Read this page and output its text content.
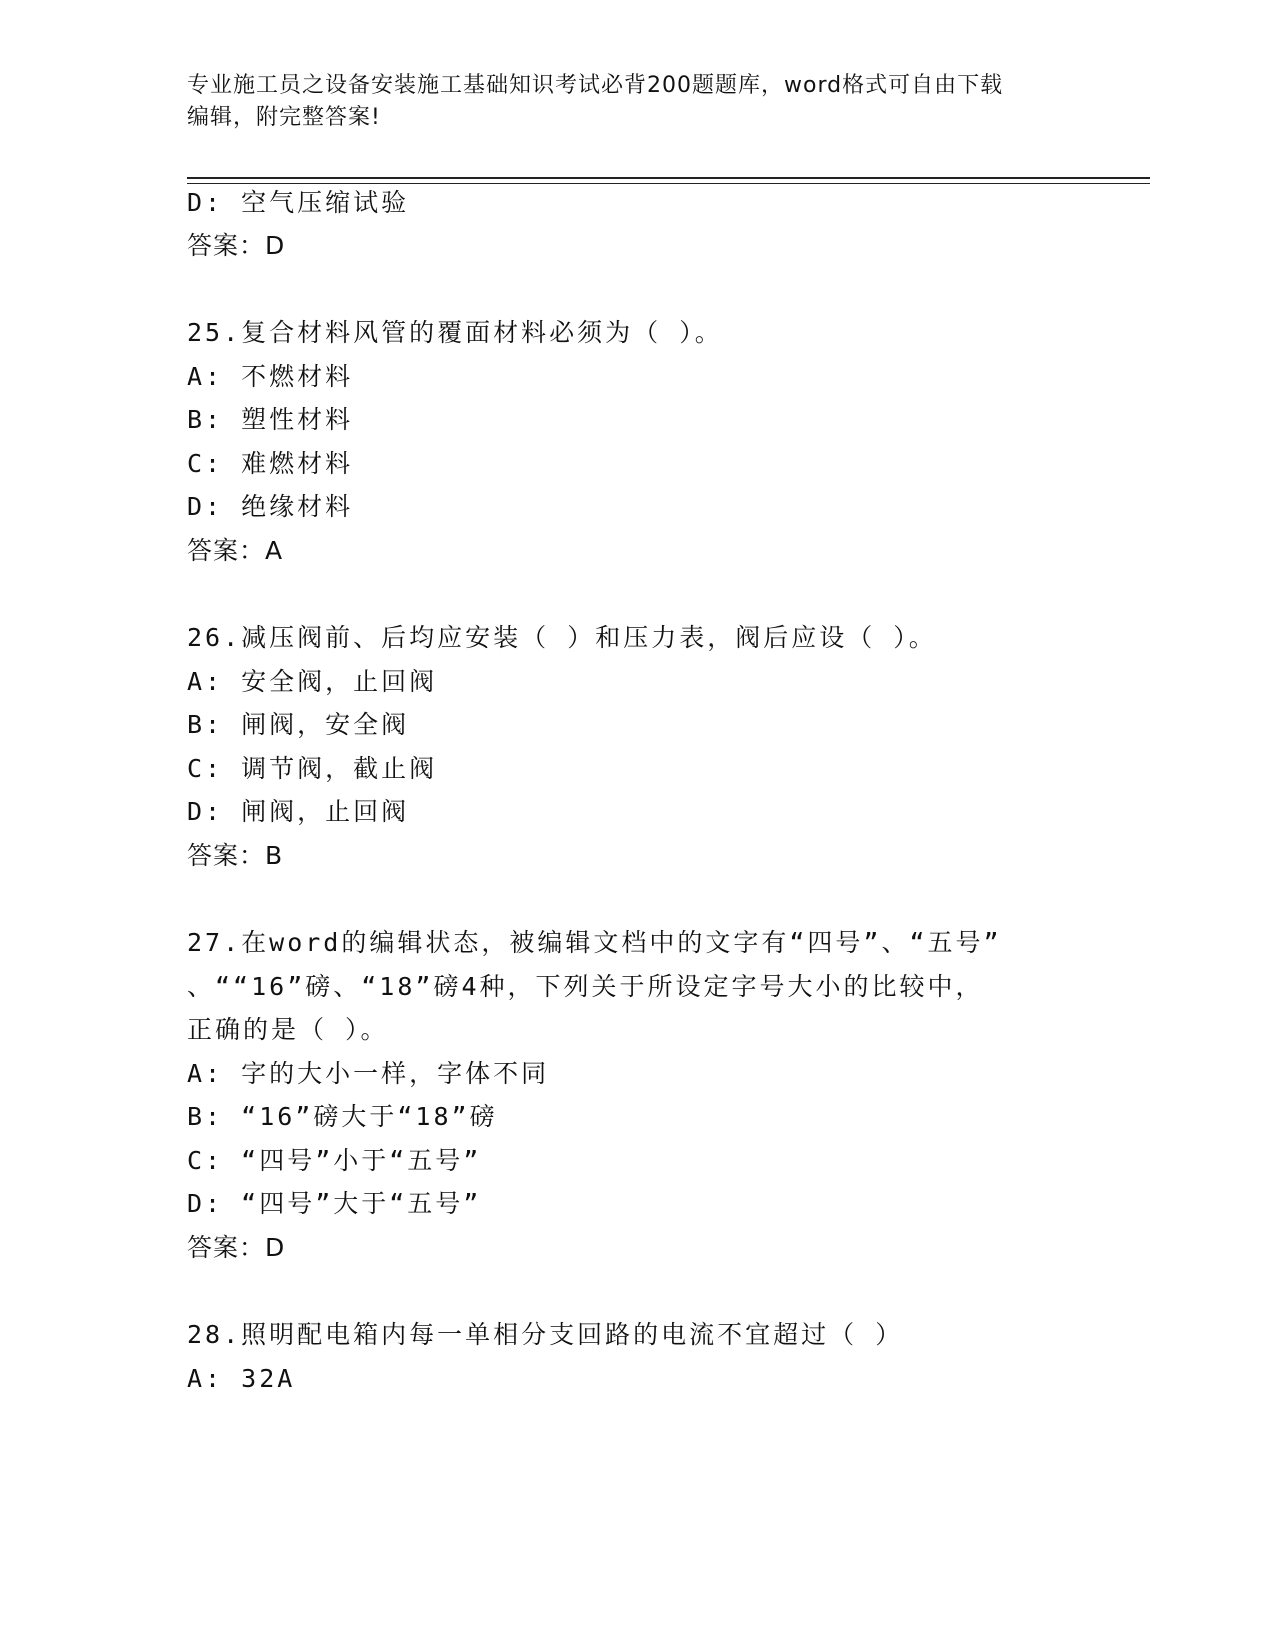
专业施工员之设备安装施工基础知识考试必背200题题库，word格式可自由下载
编辑，附完整答案!
D: 空气压缩试验
答案：D
25.复合材料风管的覆面材料必须为（ ）。
A: 不燃材料
B: 塑性材料
C: 难燃材料
D: 绝缘材料
答案：A
26.减压阀前、后均应安装（ ）和压力表，阀后应设（ ）。
A: 安全阀，止回阀
B: 闸阀，安全阀
C: 调节阀，截止阀
D: 闸阀，止回阀
答案：B
27.在word的编辑状态，被编辑文档中的文字有“四号”、“五号”
、““16”磅、“18”磅4种，下列关于所设定字号大小的比较中，
正确的是（ ）。
A: 字的大小一样，字体不同
B: “16”磅大于“18”磅
C: “四号”小于“五号”
D: “四号”大于“五号”
答案：D
28.照明配电箱内每一单相分支回路的电流不宜超过（ ）
A: 32A
